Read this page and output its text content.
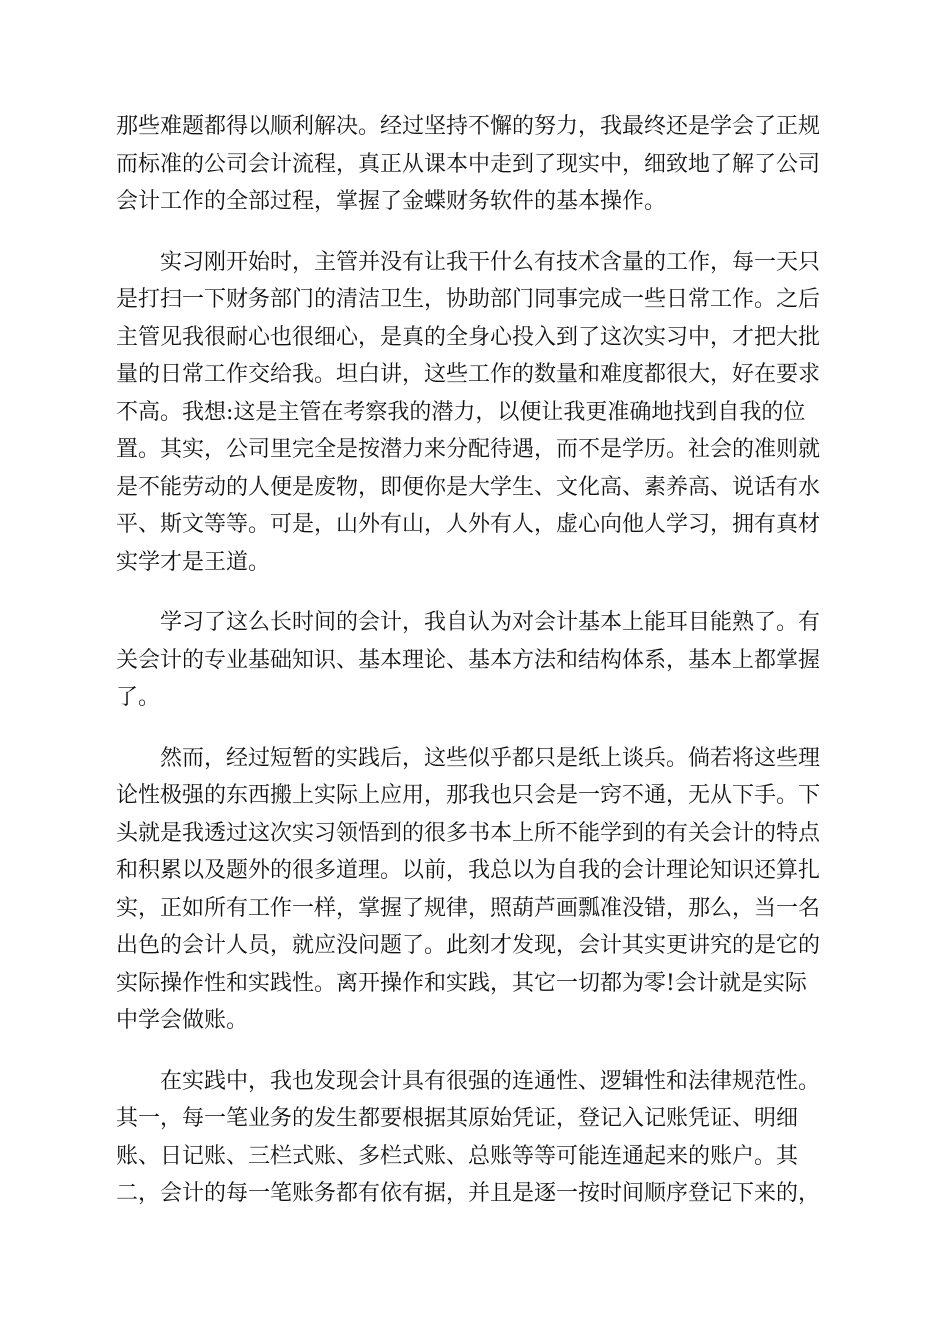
那些难题都得以顺利解决。经过坚持不懈的努力，我最终还是学会了正规
而标准的公司会计流程，真正从课本中走到了现实中，细致地了解了公司
会计工作的全部过程，掌握了金蝶财务软件的基本操作。

实习刚开始时，主管并没有让我干什么有技术含量的工作，每一天只
是打扫一下财务部门的清洁卫生，协助部门同事完成一些日常工作。之后
主管见我很耐心也很细心，是真的全身心投入到了这次实习中，才把大批
量的日常工作交给我。坦白讲，这些工作的数量和难度都很大，好在要求
不高。我想:这是主管在考察我的潜力，以便让我更准确地找到自我的位
置。其实，公司里完全是按潜力来分配待遇，而不是学历。社会的准则就
是不能劳动的人便是废物，即便你是大学生、文化高、素养高、说话有水
平、斯文等等。可是，山外有山，人外有人，虚心向他人学习，拥有真材
实学才是王道。

学习了这么长时间的会计，我自认为对会计基本上能耳目能熟了。有
关会计的专业基础知识、基本理论、基本方法和结构体系，基本上都掌握
了。

然而，经过短暂的实践后，这些似乎都只是纸上谈兵。倘若将这些理
论性极强的东西搬上实际上应用，那我也只会是一窍不通，无从下手。下
头就是我透过这次实习领悟到的很多书本上所不能学到的有关会计的特点
和积累以及题外的很多道理。以前，我总以为自我的会计理论知识还算扎
实，正如所有工作一样，掌握了规律，照葫芦画瓢准没错，那么，当一名
出色的会计人员，就应没问题了。此刻才发现，会计其实更讲究的是它的
实际操作性和实践性。离开操作和实践，其它一切都为零!会计就是实际
中学会做账。

在实践中，我也发现会计具有很强的连通性、逻辑性和法律规范性。
其一，每一笔业务的发生都要根据其原始凭证，登记入记账凭证、明细
账、日记账、三栏式账、多栏式账、总账等等可能连通起来的账户。其
二，会计的每一笔账务都有依有据，并且是逐一按时间顺序登记下来的，
